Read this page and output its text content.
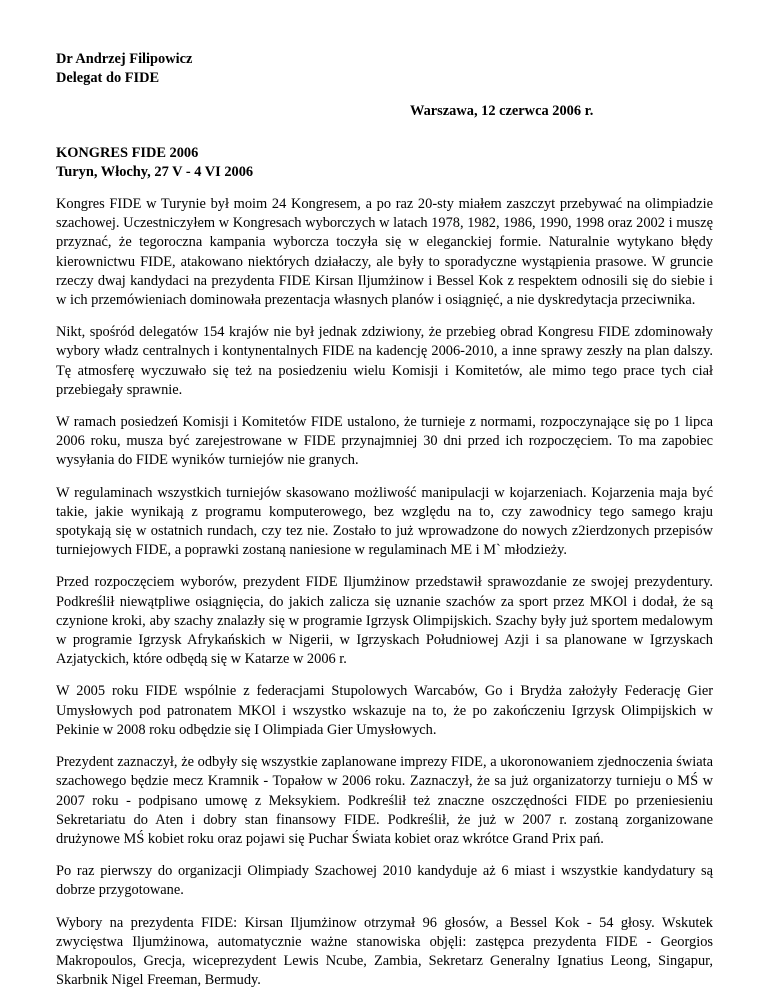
Dr Andrzej Filipowicz

Delegat do FIDE

Warszawa, 12 czerwca 2006 r.

KONGRES FIDE 2006
Turyn, Włochy, 27 V - 4 VI 2006

Kongres FIDE w Turynie był moim 24 Kongresem, a po raz 20-sty miałem zaszczyt przebywać na olimpiadzie szachowej. Uczestniczyłem w Kongresach wyborczych w latach 1978, 1982, 1986, 1990, 1998 oraz 2002 i muszę przyznać, że tegoroczna kampania wyborcza toczyła się w eleganckiej formie. Naturalnie wytykano błędy kierownictwu FIDE, atakowano niektórych działaczy, ale były to sporadyczne wystąpienia prasowe. W gruncie rzeczy dwaj kandydaci na prezydenta FIDE Kirsan Iljumżinow i Bessel Kok z respektem odnosili się do siebie i w ich przemówieniach dominowała prezentacja własnych planów i osiągnięć, a nie dyskredytacja przeciwnika.

Nikt, spośród delegatów 154 krajów nie był jednak zdziwiony, że przebieg obrad Kongresu FIDE zdominowały wybory władz centralnych i kontynentalnych FIDE na kadencję 2006-2010, a inne sprawy zeszły na plan dalszy. Tę atmosferę wyczuwało się też na posiedzeniu wielu Komisji i Komitetów, ale mimo tego prace tych ciał przebiegały sprawnie.

W ramach posiedzeń Komisji i Komitetów FIDE ustalono, że turnieje z normami, rozpoczynające się po 1 lipca 2006 roku, musza być zarejestrowane w FIDE przynajmniej 30 dni przed ich rozpoczęciem. To ma zapobiec wysyłania do FIDE wyników turniejów nie granych.

W regulaminach wszystkich turniejów skasowano możliwość manipulacji w kojarzeniach. Kojarzenia maja być takie, jakie wynikają z programu komputerowego, bez względu na to, czy zawodnicy tego samego kraju spotykają się w ostatnich rundach, czy tez nie. Zostało to już wprowadzone do nowych z2ierdzonych przepisów turniejowych FIDE, a poprawki zostaną naniesione w regulaminach ME i M` młodzieży.

Przed rozpoczęciem wyborów, prezydent FIDE Iljumżinow przedstawił sprawozdanie ze swojej prezydentury. Podkreślił niewątpliwe osiągnięcia, do jakich zalicza się uznanie szachów za sport przez MKOl i dodał, że są czynione kroki, aby szachy znalazły się w programie Igrzysk Olimpijskich. Szachy były już sportem medalowym w programie Igrzysk Afrykańskich w Nigerii, w Igrzyskach Południowej Azji i sa planowane w Igrzyskach Azjatyckich, które odbędą się w Katarze w 2006 r.

W 2005 roku FIDE wspólnie z federacjami Stupolowych Warcabów, Go i Brydża założyły Federację Gier Umysłowych pod patronatem MKOl i wszystko wskazuje na to, że po zakończeniu Igrzysk Olimpijskich w Pekinie w 2008 roku odbędzie się I Olimpiada Gier Umysłowych.

Prezydent zaznaczył, że odbyły się wszystkie zaplanowane imprezy FIDE, a ukoronowaniem zjednoczenia świata szachowego będzie mecz Kramnik - Topałow w 2006 roku. Zaznaczył, że sa już organizatorzy turnieju o MŚ w 2007 roku - podpisano umowę z Meksykiem. Podkreślił też znaczne oszczędności FIDE po przeniesieniu Sekretariatu do Aten i dobry stan finansowy FIDE. Podkreślił, że już w 2007 r. zostaną zorganizowane drużynowe MŚ kobiet roku oraz pojawi się Puchar Świata kobiet oraz wkrótce Grand Prix pań.

Po raz pierwszy do organizacji Olimpiady Szachowej 2010 kandyduje aż 6 miast i wszystkie kandydatury są dobrze przygotowane.

Wybory na prezydenta FIDE: Kirsan Iljumżinow otrzymał 96 głosów, a Bessel Kok - 54 głosy. Wskutek zwycięstwa Iljumżinowa, automatycznie ważne stanowiska objęli: zastępca prezydenta FIDE - Georgios Makropoulos, Grecja, wiceprezydent Lewis Ncube, Zambia, Sekretarz Generalny Ignatius Leong, Singapur, Skarbnik Nigel Freeman, Bermudy.
